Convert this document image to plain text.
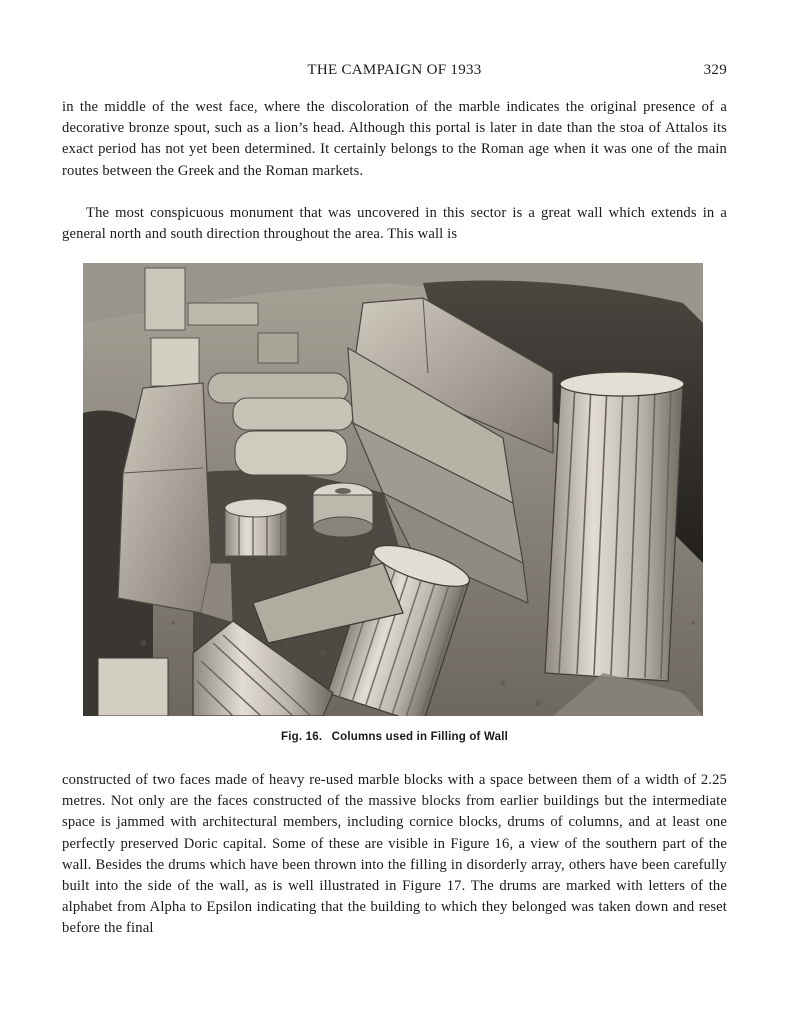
THE CAMPAIGN OF 1933	329

in the middle of the west face, where the discoloration of the marble indicates the original presence of a decorative bronze spout, such as a lion’s head. Although this portal is later in date than the stoa of Attalos its exact period has not yet been determined. It certainly belongs to the Roman age when it was one of the main routes between the Greek and the Roman markets.

The most conspicuous monument that was uncovered in this sector is a great wall which extends in a general north and south direction throughout the area. This wall is

Fig. 16. Columns used in Filling of Wall

constructed of two faces made of heavy re-used marble blocks with a space between them of a width of 2.25 metres. Not only are the faces constructed of the massive blocks from earlier buildings but the intermediate space is jammed with architectural members, including cornice blocks, drums of columns, and at least one perfectly preserved Doric capital. Some of these are visible in Figure 16, a view of the southern part of the wall. Besides the drums which have been thrown into the filling in disorderly array, others have been carefully built into the side of the wall, as is well illustrated in Figure 17. The drums are marked with letters of the alphabet from Alpha to Epsilon indicating that the building to which they belonged was taken down and reset before the final
